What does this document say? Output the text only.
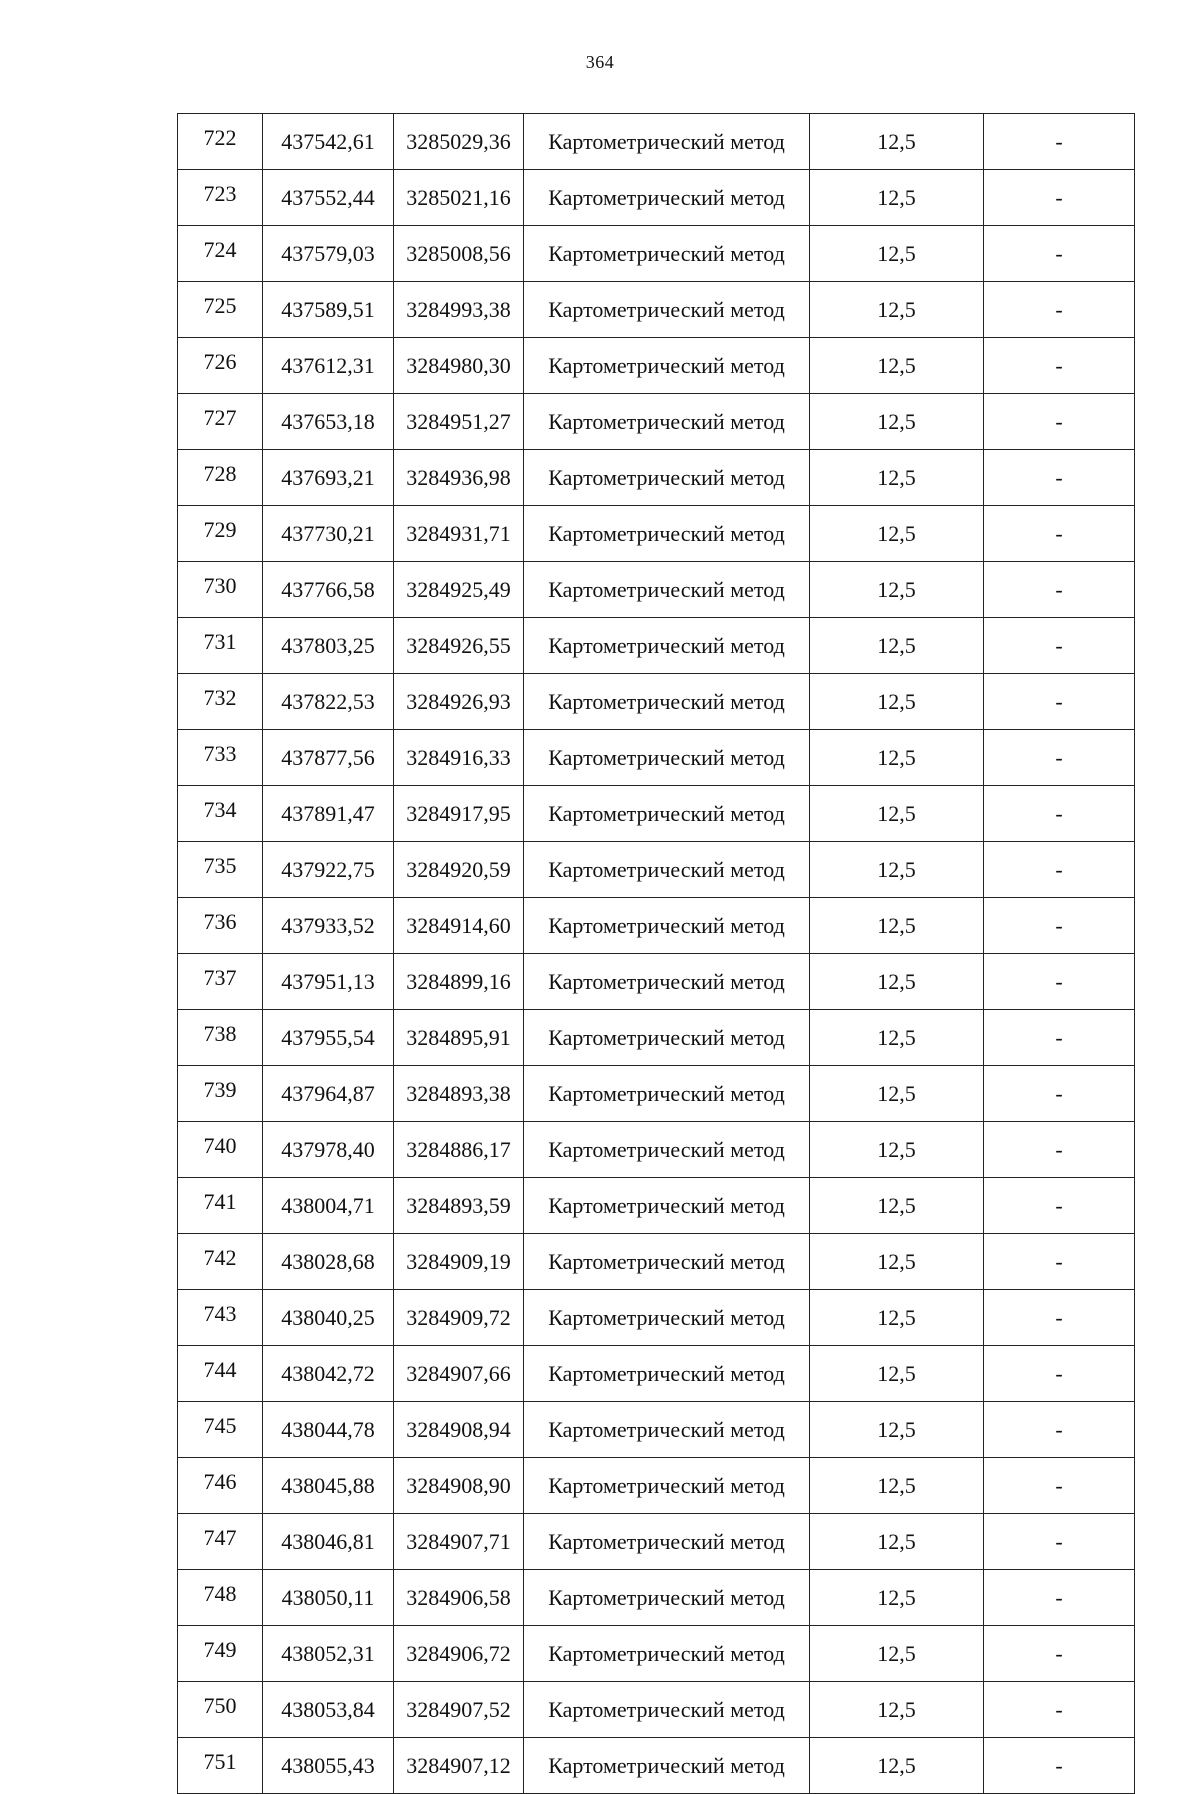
364
722	437542,61	3285029,36	Картометрический метод	12,5	-
723	437552,44	3285021,16	Картометрический метод	12,5	-
724	437579,03	3285008,56	Картометрический метод	12,5	-
725	437589,51	3284993,38	Картометрический метод	12,5	-
726	437612,31	3284980,30	Картометрический метод	12,5	-
727	437653,18	3284951,27	Картометрический метод	12,5	-
728	437693,21	3284936,98	Картометрический метод	12,5	-
729	437730,21	3284931,71	Картометрический метод	12,5	-
730	437766,58	3284925,49	Картометрический метод	12,5	-
731	437803,25	3284926,55	Картометрический метод	12,5	-
732	437822,53	3284926,93	Картометрический метод	12,5	-
733	437877,56	3284916,33	Картометрический метод	12,5	-
734	437891,47	3284917,95	Картометрический метод	12,5	-
735	437922,75	3284920,59	Картометрический метод	12,5	-
736	437933,52	3284914,60	Картометрический метод	12,5	-
737	437951,13	3284899,16	Картометрический метод	12,5	-
738	437955,54	3284895,91	Картометрический метод	12,5	-
739	437964,87	3284893,38	Картометрический метод	12,5	-
740	437978,40	3284886,17	Картометрический метод	12,5	-
741	438004,71	3284893,59	Картометрический метод	12,5	-
742	438028,68	3284909,19	Картометрический метод	12,5	-
743	438040,25	3284909,72	Картометрический метод	12,5	-
744	438042,72	3284907,66	Картометрический метод	12,5	-
745	438044,78	3284908,94	Картометрический метод	12,5	-
746	438045,88	3284908,90	Картометрический метод	12,5	-
747	438046,81	3284907,71	Картометрический метод	12,5	-
748	438050,11	3284906,58	Картометрический метод	12,5	-
749	438052,31	3284906,72	Картометрический метод	12,5	-
750	438053,84	3284907,52	Картометрический метод	12,5	-
751	438055,43	3284907,12	Картометрический метод	12,5	-
